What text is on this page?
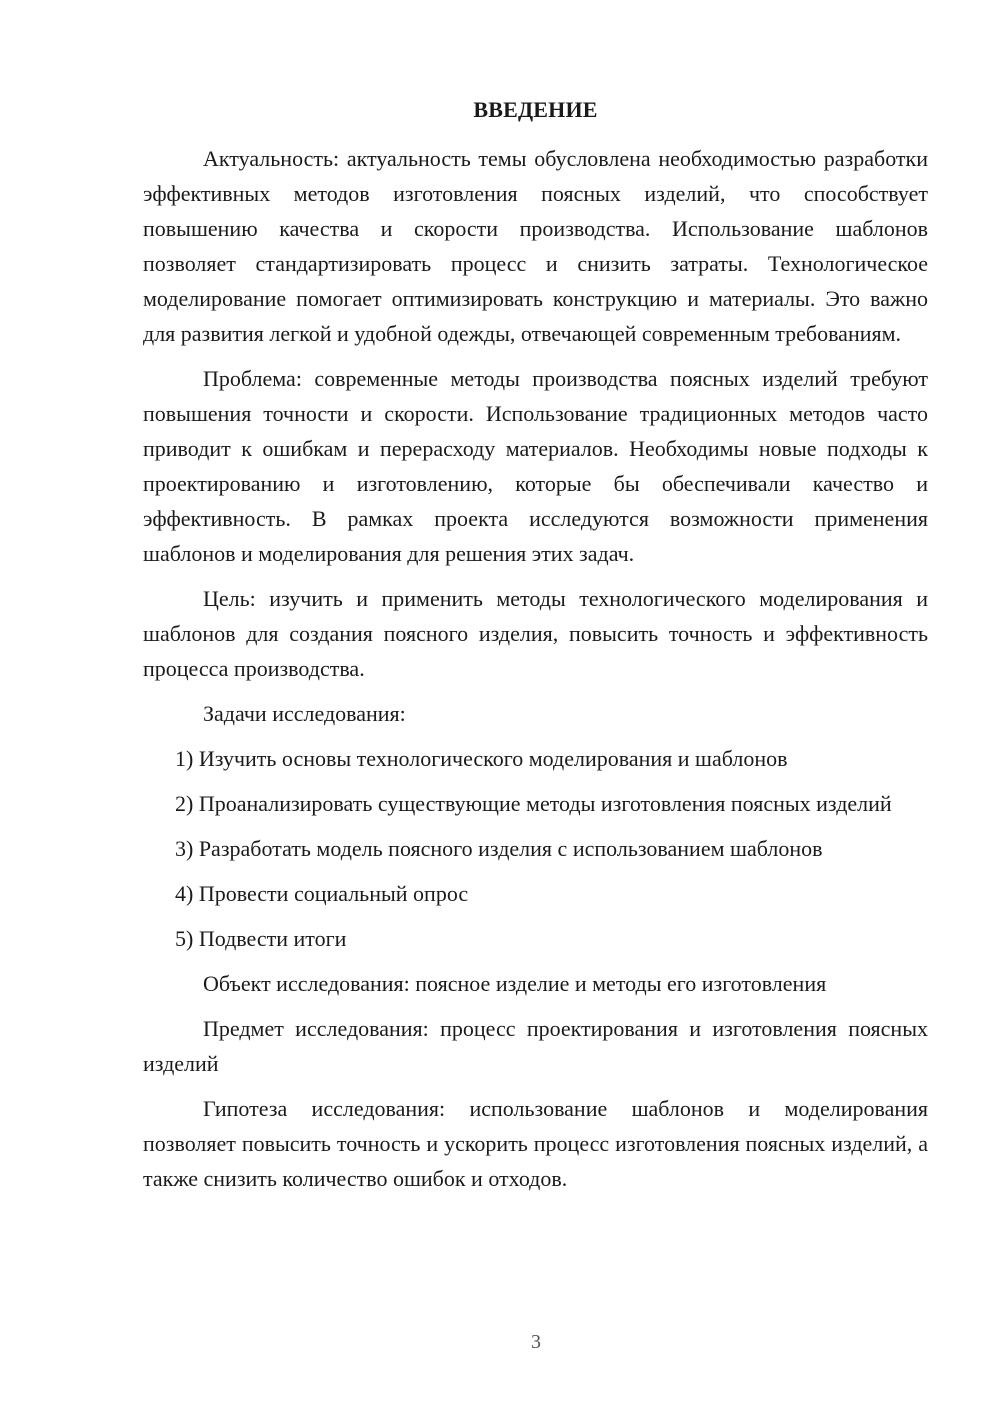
ВВЕДЕНИЕ

Актуальность: актуальность темы обусловлена необходимостью разработки эффективных методов изготовления поясных изделий, что способствует повышению качества и скорости производства. Использование шаблонов позволяет стандартизировать процесс и снизить затраты. Технологическое моделирование помогает оптимизировать конструкцию и материалы. Это важно для развития легкой и удобной одежды, отвечающей современным требованиям.

Проблема: современные методы производства поясных изделий требуют повышения точности и скорости. Использование традиционных методов часто приводит к ошибкам и перерасходу материалов. Необходимы новые подходы к проектированию и изготовлению, которые бы обеспечивали качество и эффективность. В рамках проекта исследуются возможности применения шаблонов и моделирования для решения этих задач.

Цель: изучить и применить методы технологического моделирования и шаблонов для создания поясного изделия, повысить точность и эффективность процесса производства.

Задачи исследования:

1) Изучить основы технологического моделирования и шаблонов

2) Проанализировать существующие методы изготовления поясных изделий

3) Разработать модель поясного изделия с использованием шаблонов

4) Провести социальный опрос

5) Подвести итоги

Объект исследования: поясное изделие и методы его изготовления

Предмет исследования: процесс проектирования и изготовления поясных изделий

Гипотеза исследования: использование шаблонов и моделирования позволяет повысить точность и ускорить процесс изготовления поясных изделий, а также снизить количество ошибок и отходов.

3
